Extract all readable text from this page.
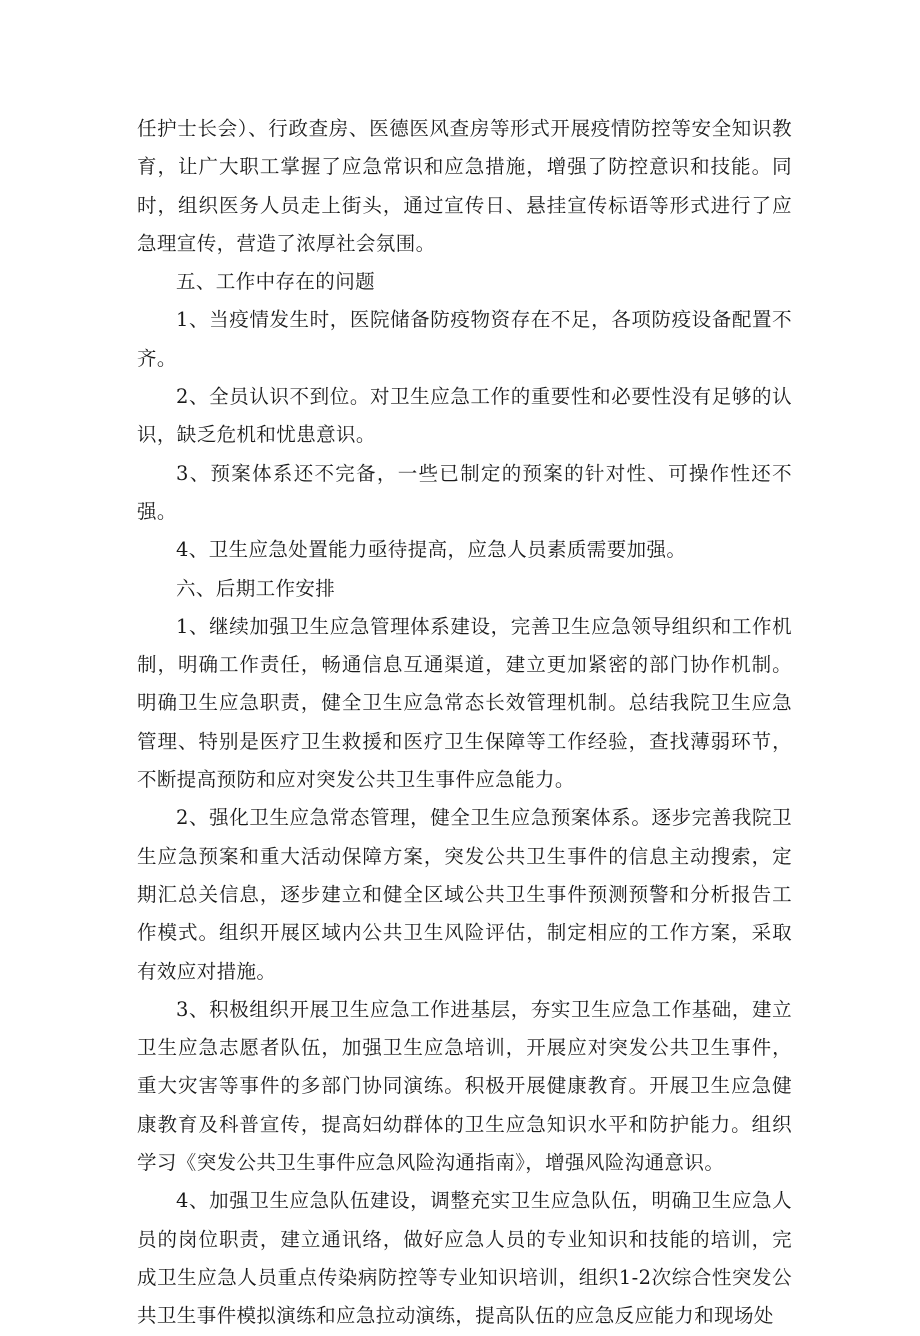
任护士长会）、行政查房、医德医风查房等形式开展疫情防控等安全知识教育，让广大职工掌握了应急常识和应急措施，增强了防控意识和技能。同时，组织医务人员走上街头，通过宣传日、悬挂宣传标语等形式进行了应急理宣传，营造了浓厚社会氛围。

五、工作中存在的问题

1、当疫情发生时，医院储备防疫物资存在不足，各项防疫设备配置不齐。

2、全员认识不到位。对卫生应急工作的重要性和必要性没有足够的认识，缺乏危机和忧患意识。

3、预案体系还不完备，一些已制定的预案的针对性、可操作性还不强。

4、卫生应急处置能力亟待提高，应急人员素质需要加强。

六、后期工作安排

1、继续加强卫生应急管理体系建设，完善卫生应急领导组织和工作机制，明确工作责任，畅通信息互通渠道，建立更加紧密的部门协作机制。明确卫生应急职责，健全卫生应急常态长效管理机制。总结我院卫生应急管理、特别是医疗卫生救援和医疗卫生保障等工作经验，查找薄弱环节，不断提高预防和应对突发公共卫生事件应急能力。

2、强化卫生应急常态管理，健全卫生应急预案体系。逐步完善我院卫生应急预案和重大活动保障方案，突发公共卫生事件的信息主动搜索，定期汇总关信息，逐步建立和健全区域公共卫生事件预测预警和分析报告工作模式。组织开展区域内公共卫生风险评估，制定相应的工作方案，采取有效应对措施。

3、积极组织开展卫生应急工作进基层，夯实卫生应急工作基础，建立卫生应急志愿者队伍，加强卫生应急培训，开展应对突发公共卫生事件，重大灾害等事件的多部门协同演练。积极开展健康教育。开展卫生应急健康教育及科普宣传，提高妇幼群体的卫生应急知识水平和防护能力。组织学习《突发公共卫生事件应急风险沟通指南》，增强风险沟通意识。

4、加强卫生应急队伍建设，调整充实卫生应急队伍，明确卫生应急人员的岗位职责，建立通讯络，做好应急人员的专业知识和技能的培训，完成卫生应急人员重点传染病防控等专业知识培训，组织1-2次综合性突发公共卫生事件模拟演练和应急拉动演练，提高队伍的应急反应能力和现场处
